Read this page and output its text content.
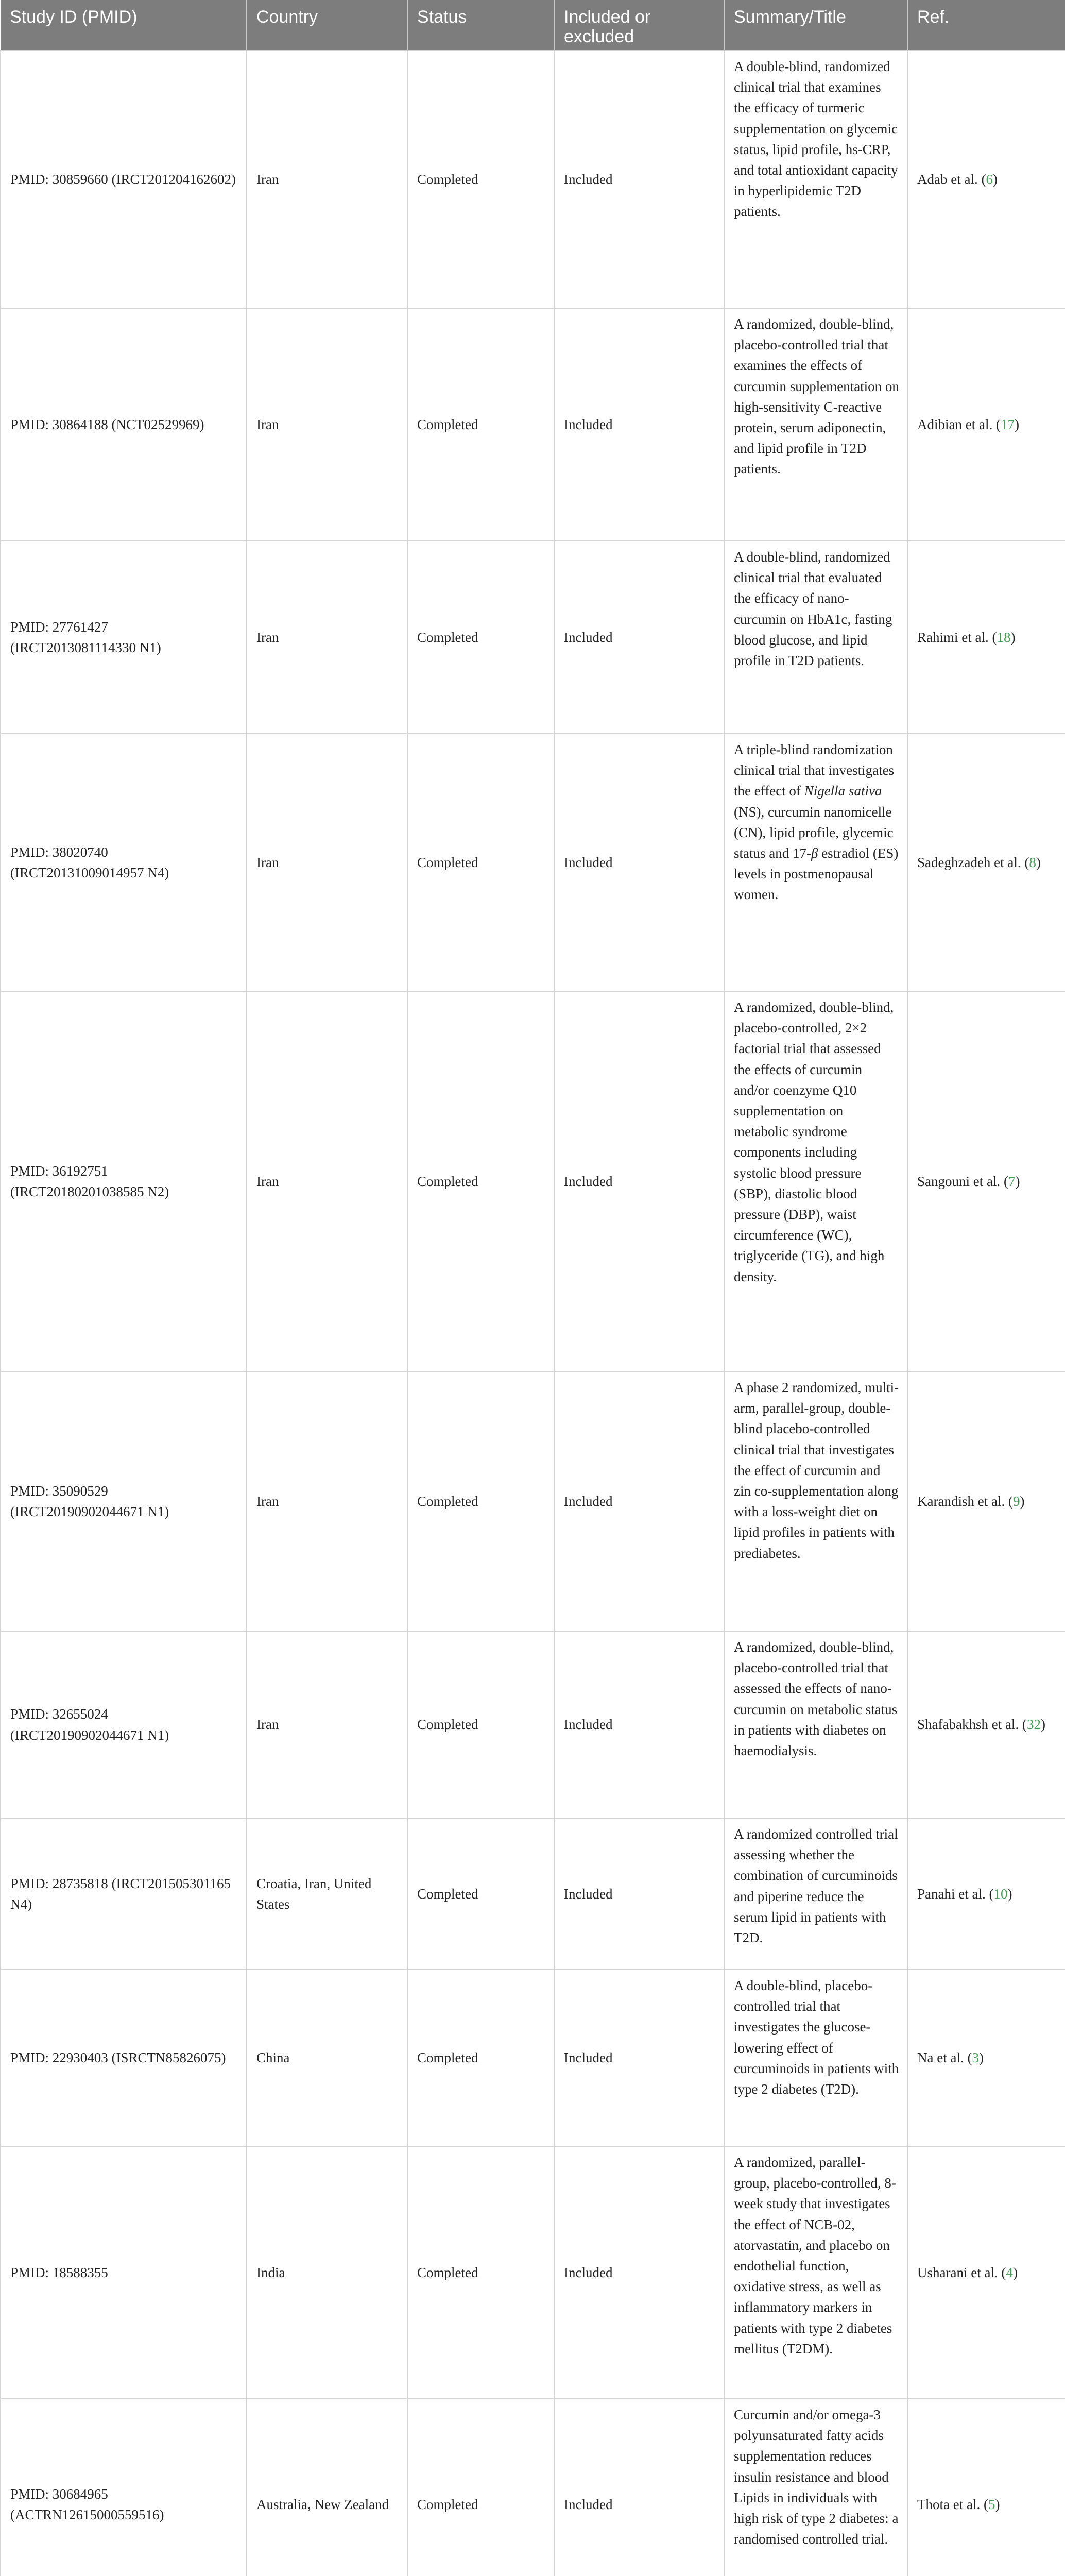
Study ID (PMID)	Country	Status	Included or excluded	Summary/Title	Ref.
PMID: 30859660 (IRCT201204162602)	Iran	Completed	Included	A double-blind, randomized clinical trial that examines the efficacy of turmeric supplementation on glycemic status, lipid profile, hs-CRP, and total antioxidant capacity in hyperlipidemic T2D patients.	Adab et al. (6)
PMID: 30864188 (NCT02529969)	Iran	Completed	Included	A randomized, double-blind, placebo-controlled trial that examines the effects of curcumin supplementation on high-sensitivity C-reactive protein, serum adiponectin, and lipid profile in T2D patients.	Adibian et al. (17)
PMID: 27761427 (IRCT2013081114330 N1)	Iran	Completed	Included	A double-blind, randomized clinical trial that evaluated the efficacy of nano-curcumin on HbA1c, fasting blood glucose, and lipid profile in T2D patients.	Rahimi et al. (18)
PMID: 38020740 (IRCT20131009014957 N4)	Iran	Completed	Included	A triple-blind randomization clinical trial that investigates the effect of Nigella sativa (NS), curcumin nanomicelle (CN), lipid profile, glycemic status and 17-β estradiol (ES) levels in postmenopausal women.	Sadeghzadeh et al. (8)
PMID: 36192751 (IRCT20180201038585 N2)	Iran	Completed	Included	A randomized, double-blind, placebo-controlled, 2×2 factorial trial that assessed the effects of curcumin and/or coenzyme Q10 supplementation on metabolic syndrome components including systolic blood pressure (SBP), diastolic blood pressure (DBP), waist circumference (WC), triglyceride (TG), and high density.	Sangouni et al. (7)
PMID: 35090529 (IRCT20190902044671 N1)	Iran	Completed	Included	A phase 2 randomized, multi-arm, parallel-group, double-blind placebo-controlled clinical trial that investigates the effect of curcumin and zin co-supplementation along with a loss-weight diet on lipid profiles in patients with prediabetes.	Karandish et al. (9)
PMID: 32655024 (IRCT20190902044671 N1)	Iran	Completed	Included	A randomized, double-blind, placebo-controlled trial that assessed the effects of nano-curcumin on metabolic status in patients with diabetes on haemodialysis.	Shafabakhsh et al. (32)
PMID: 28735818 (IRCT201505301165 N4)	Croatia, Iran, United States	Completed	Included	A randomized controlled trial assessing whether the combination of curcuminoids and piperine reduce the serum lipid in patients with T2D.	Panahi et al. (10)
PMID: 22930403 (ISRCTN85826075)	China	Completed	Included	A double-blind, placebo-controlled trial that investigates the glucose-lowering effect of curcuminoids in patients with type 2 diabetes (T2D).	Na et al. (3)
PMID: 18588355	India	Completed	Included	A randomized, parallel-group, placebo-controlled, 8-week study that investigates the effect of NCB-02, atorvastatin, and placebo on endothelial function, oxidative stress, as well as inflammatory markers in patients with type 2 diabetes mellitus (T2DM).	Usharani et al. (4)
PMID: 30684965 (ACTRN12615000559516)	Australia, New Zealand	Completed	Included	Curcumin and/or omega-3 polyunsaturated fatty acids supplementation reduces insulin resistance and blood Lipids in individuals with high risk of type 2 diabetes: a randomised controlled trial.	Thota et al. (5)
